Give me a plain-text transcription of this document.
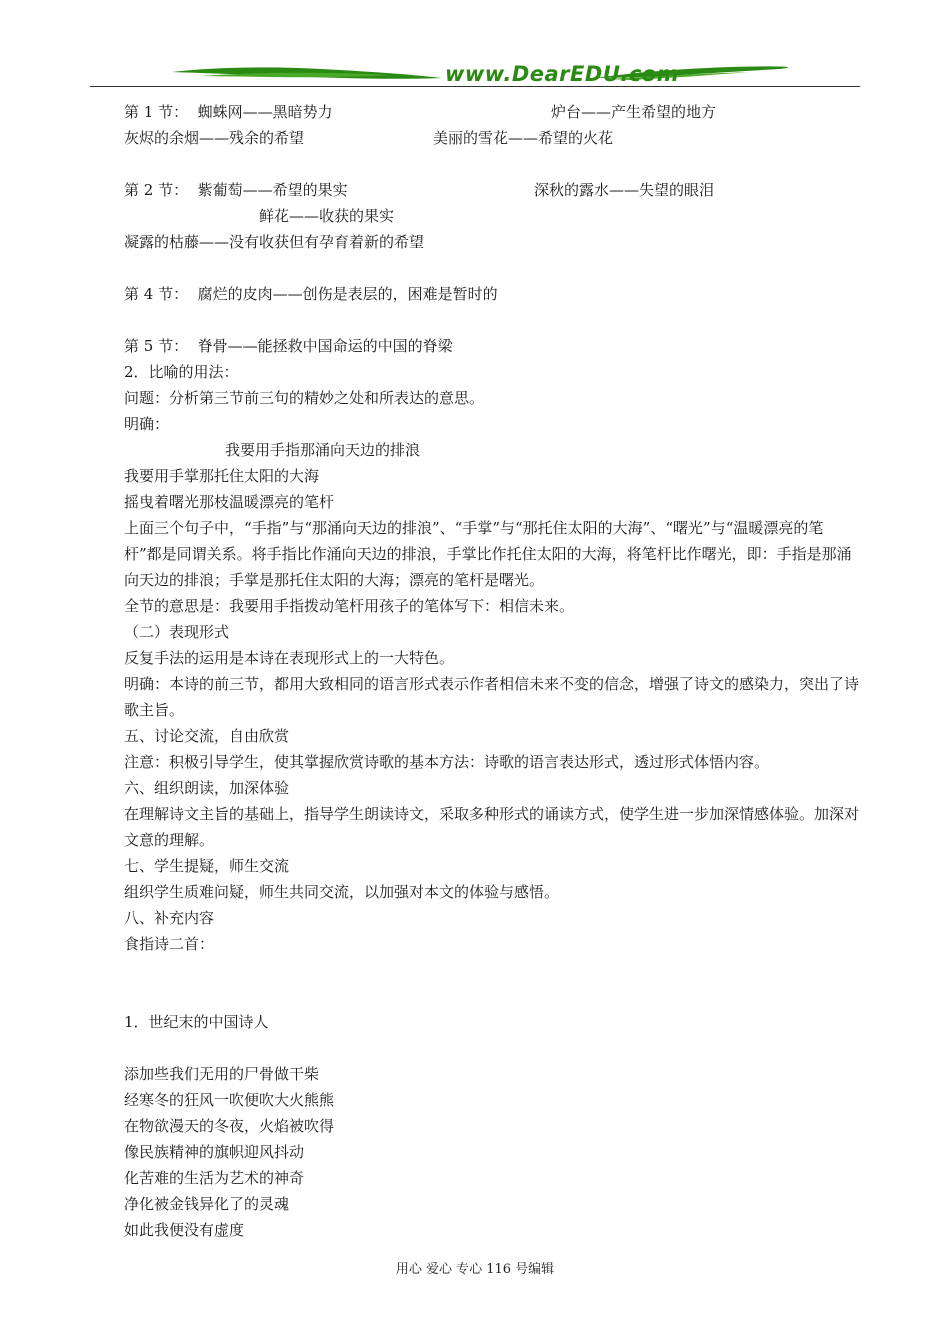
www.DearEDU.com
第 1 节： 蜘蛛网——黑暗势力	炉台——产生希望的地方
灰烬的余烟——残余的希望	美丽的雪花——希望的火花
第 2 节： 紫葡萄——希望的果实	深秋的露水——失望的眼泪
鲜花——收获的果实
凝露的枯藤——没有收获但有孕育着新的希望
第 4 节： 腐烂的皮肉——创伤是表层的，困难是暂时的
第 5 节： 脊骨——能拯救中国命运的中国的脊梁
2．比喻的用法：
问题：分析第三节前三句的精妙之处和所表达的意思。
明确：
我要用手指那涌向天边的排浪
我要用手掌那托住太阳的大海
摇曳着曙光那枝温暖漂亮的笔杆
上面三个句子中，“手指”与“那涌向天边的排浪”、“手掌”与“那托住太阳的大海”、“曙光”与“温暖漂亮的笔杆”都是同谓关系。将手指比作涌向天边的排浪，手掌比作托住太阳的大海，将笔杆比作曙光，即：手指是那涌向天边的排浪；手掌是那托住太阳的大海；漂亮的笔杆是曙光。
全节的意思是：我要用手指拨动笔杆用孩子的笔体写下：相信未来。
（二）表现形式
反复手法的运用是本诗在表现形式上的一大特色。
明确：本诗的前三节，都用大致相同的语言形式表示作者相信未来不变的信念，增强了诗文的感染力，突出了诗歌主旨。
五、讨论交流，自由欣赏
注意：积极引导学生，使其掌握欣赏诗歌的基本方法：诗歌的语言表达形式，透过形式体悟内容。
六、组织朗读，加深体验
在理解诗文主旨的基础上，指导学生朗读诗文，采取多种形式的诵读方式，使学生进一步加深情感体验。加深对文意的理解。
七、学生提疑，师生交流
组织学生质难问疑，师生共同交流，以加强对本文的体验与感悟。
八、补充内容
食指诗二首：
1．世纪末的中国诗人
添加些我们无用的尸骨做干柴
经寒冬的狂风一吹便吹大火熊熊
在物欲漫天的冬夜，火焰被吹得
像民族精神的旗帜迎风抖动
化苦难的生活为艺术的神奇
净化被金钱异化了的灵魂
如此我便没有虚度
用心 爱心 专心 116 号编辑
